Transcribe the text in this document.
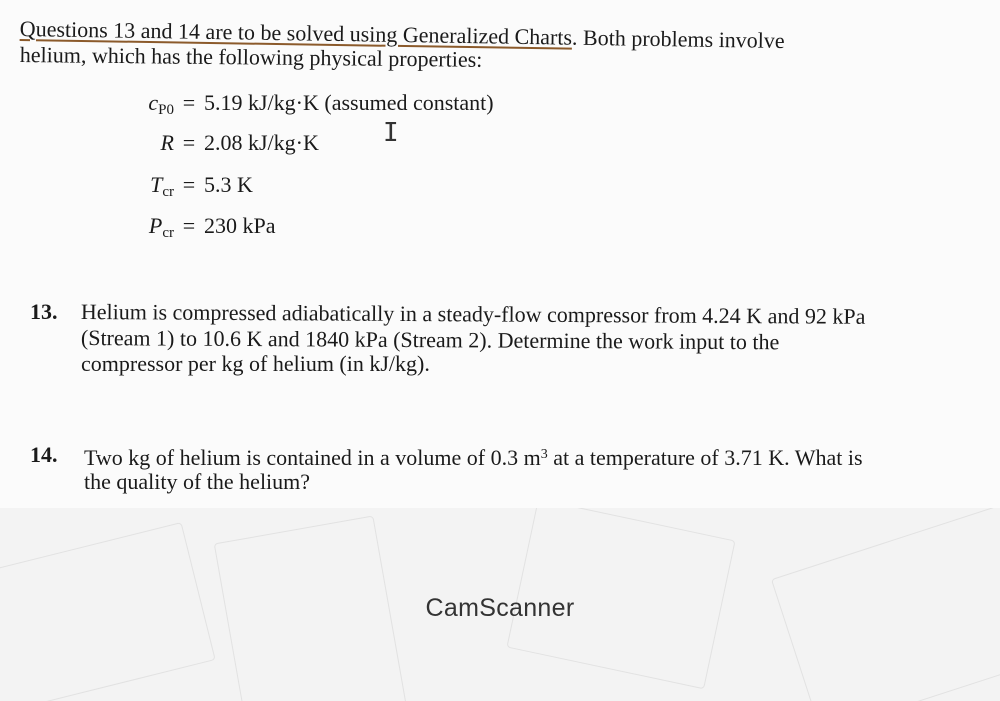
Questions 13 and 14 are to be solved using Generalized Charts. Both problems involve
helium, which has the following physical properties:
$c_{P0} = 5.19$ kJ/kg·K (assumed constant)
R = 2.08 kJ/kg·K I
$T_{cr} = 5.3$ K
$P_{cr} = 230$ kPa
13. Helium is compressed adiabatically in a steady-flow compressor from 4.24 K and 92 kPa
(Stream 1) to 10.6 K and 1840 kPa (Stream 2). Determine the work input to the
compressor per kg of helium (in kJ/kg).
14. Two kg of helium is contained in a volume of 0.3 $m^3$ at a temperature of 3.71 K. What is
the quality of the helium?
CamScanner
